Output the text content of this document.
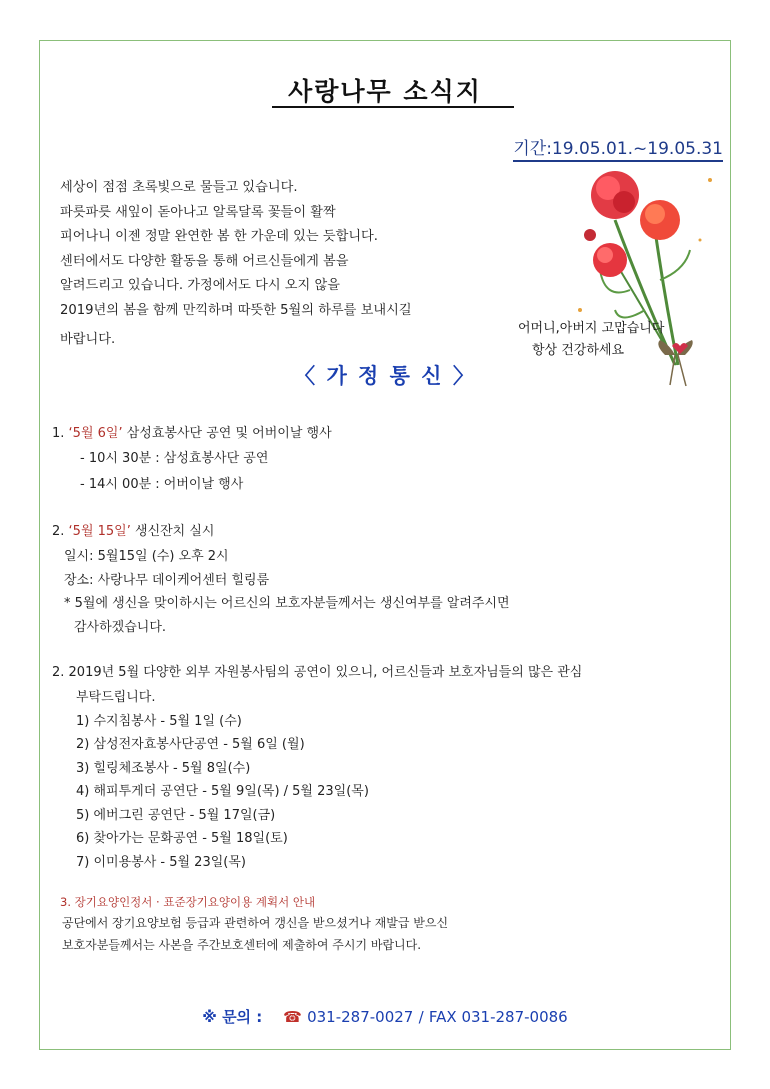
사랑나무 소식지
기간:19.05.01.~19.05.31
세상이 점점 초록빛으로 물들고 있습니다.
파릇파릇 새잎이 돋아나고 알록달록 꽃들이 활짝
피어나니 이젠 정말 완연한 봄 한 가운데 있는 듯합니다.
센터에서도 다양한 활동을 통해 어르신들에게 봄을
알려드리고 있습니다. 가정에서도 다시 오지 않을
2019년의 봄을 함께 만끽하며 따뜻한 5월의 하루를 보내시길
바랍니다.
어머니,아버지 고맙습니다
항상 건강하세요
〈 가 정 통 신 〉
1. ‘5월 6일’ 삼성효봉사단 공연 및 어버이날 행사
- 10시 30분 : 삼성효봉사단 공연
- 14시 00분 : 어버이날 행사
2. ‘5월 15일’ 생신잔치 실시
일시: 5월15일 (수) 오후 2시
장소: 사랑나무 데이케어센터 힐링룸
* 5월에 생신을 맞이하시는 어르신의 보호자분들께서는 생신여부를 알려주시면
감사하겠습니다.
2. 2019년 5월 다양한 외부 자원봉사팀의 공연이 있으니, 어르신들과 보호자님들의 많은 관심
부탁드립니다.
1) 수지침봉사 - 5월 1일 (수)
2) 삼성전자효봉사단공연 - 5월 6일 (월)
3) 힐링체조봉사 - 5월 8일(수)
4) 해피투게더 공연단 - 5월 9일(목) / 5월 23일(목)
5) 에버그린 공연단 - 5월 17일(금)
6) 찾아가는 문화공연 - 5월 18일(토)
7) 이미용봉사 - 5월 23일(목)
3. 장기요양인정서 · 표준장기요양이용 계획서 안내
공단에서 장기요양보험 등급과 관련하여 갱신을 받으셨거나 재발급 받으신
보호자분들께서는 사본을 주간보호센터에 제출하여 주시기 바랍니다.
※ 문의 : ☎ 031-287-0027 / FAX 031-287-0086
